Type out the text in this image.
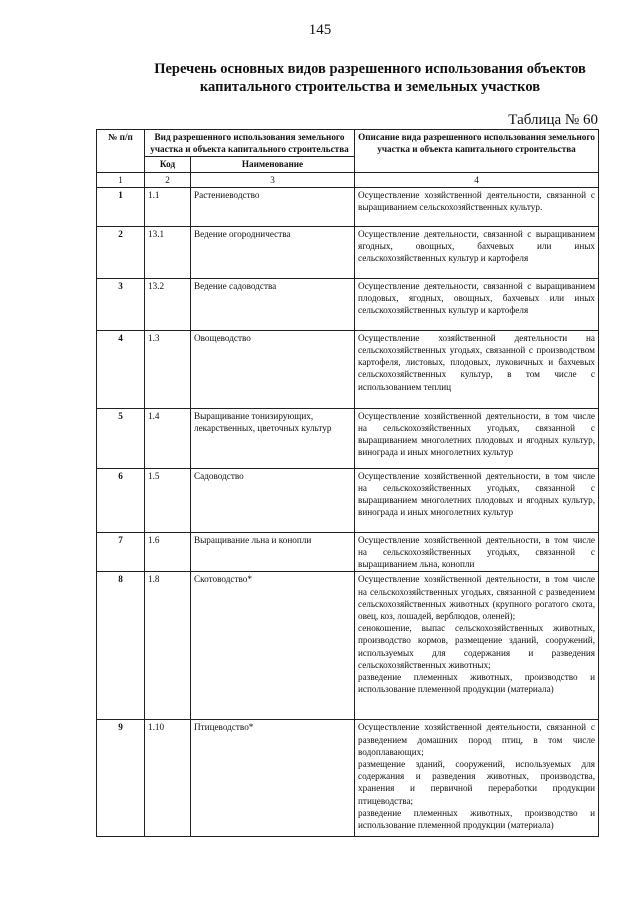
145
Перечень основных видов разрешенного использования объектов
капитального строительства и земельных участков
Таблица № 60
№ п/п	Вид разрешенного использования земельного участка и объекта капитального строительства		Описание вида разрешенного использования земельного участка и объекта капитального строительства
	Код	Наименование	
1	2	3	4
1	1.1	Растениеводство	Осуществление хозяйственной деятельности, связанной с выращиванием сельскохозяйственных культур.

2	13.1	Ведение огородничества	Осуществление деятельности, связанной с выращиванием ягодных, овощных, бахчевых или иных сельскохозяйственных культур и картофеля

3	13.2	Ведение садоводства	Осуществление деятельности, связанной с выращиванием плодовых, ягодных, овощных, бахчевых или иных сельскохозяйственных культур и картофеля

4	1.3	Овощеводство	Осуществление хозяйственной деятельности на сельскохозяйственных угодьях, связанной с производством картофеля, листовых, плодовых, луковичных и бахчевых сельскохозяйственных культур, в том числе с использованием теплиц

5	1.4	Выращивание тонизирующих, лекарственных, цветочных культур	Осуществление хозяйственной деятельности, в том числе на сельскохозяйственных угодьях, связанной с выращиванием многолетних плодовых и ягодных культур, винограда и иных многолетних культур

6	1.5	Садоводство	Осуществление хозяйственной деятельности, в том числе на сельскохозяйственных угодьях, связанной с выращиванием многолетних плодовых и ягодных культур, винограда и иных многолетних культур

7	1.6	Выращивание льна и конопли	Осуществление хозяйственной деятельности, в том числе на сельскохозяйственных угодьях, связанной с выращиванием льна, конопли

8	1.8	Скотоводство*	Осуществление хозяйственной деятельности, в том числе на сельскохозяйственных угодьях, связанной с разведением сельскохозяйственных животных (крупного рогатого скота, овец, коз, лошадей, верблюдов, оленей);
сенокошение, выпас сельскохозяйственных животных, производство кормов, размещение зданий, сооружений, используемых для содержания и разведения сельскохозяйственных животных;
разведение племенных животных, производство и использование племенной продукции (материала)

9	1.10	Птицеводство*	Осуществление хозяйственной деятельности, связанной с разведением домашних пород птиц, в том числе водоплавающих;
размещение зданий, сооружений, используемых для содержания и разведения животных, производства, хранения и первичной переработки продукции птицеводства;
разведение племенных животных, производство и использование племенной продукции (материала)
